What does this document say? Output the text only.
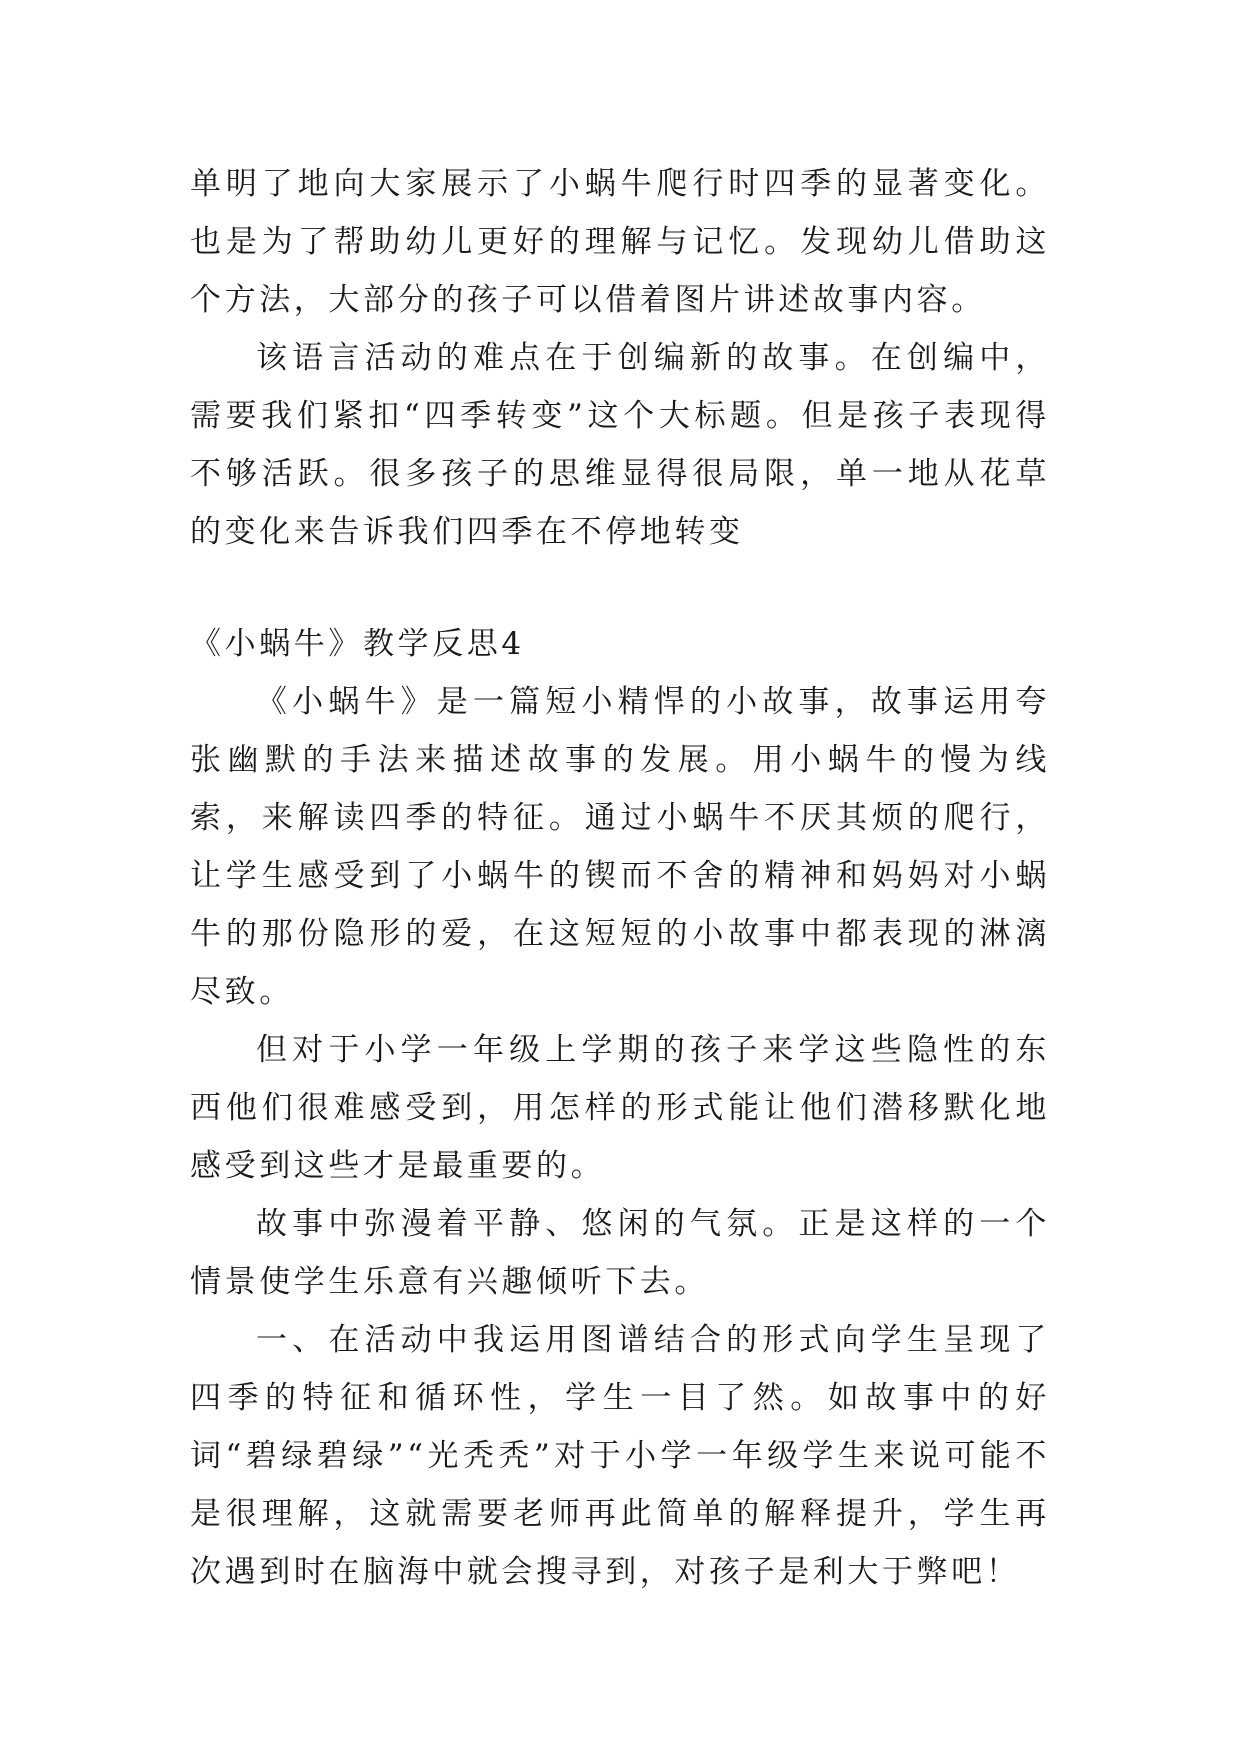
单明了地向大家展示了小蜗牛爬行时四季的显著变化。也是为了帮助幼儿更好的理解与记忆。发现幼儿借助这个方法，大部分的孩子可以借着图片讲述故事内容。

该语言活动的难点在于创编新的故事。在创编中，需要我们紧扣“四季转变”这个大标题。但是孩子表现得不够活跃。很多孩子的思维显得很局限，单一地从花草的变化来告诉我们四季在不停地转变

《小蜗牛》教学反思4

《小蜗牛》是一篇短小精悍的小故事，故事运用夸张幽默的手法来描述故事的发展。用小蜗牛的慢为线索，来解读四季的特征。通过小蜗牛不厌其烦的爬行，让学生感受到了小蜗牛的锲而不舍的精神和妈妈对小蜗牛的那份隐形的爱，在这短短的小故事中都表现的淋漓尽致。

但对于小学一年级上学期的孩子来学这些隐性的东西他们很难感受到，用怎样的形式能让他们潜移默化地感受到这些才是最重要的。

故事中弥漫着平静、悠闲的气氛。正是这样的一个情景使学生乐意有兴趣倾听下去。

一、在活动中我运用图谱结合的形式向学生呈现了四季的特征和循环性，学生一目了然。如故事中的好词“碧绿碧绿”“光秃秃”对于小学一年级学生来说可能不是很理解，这就需要老师再此简单的解释提升，学生再次遇到时在脑海中就会搜寻到，对孩子是利大于弊吧！
